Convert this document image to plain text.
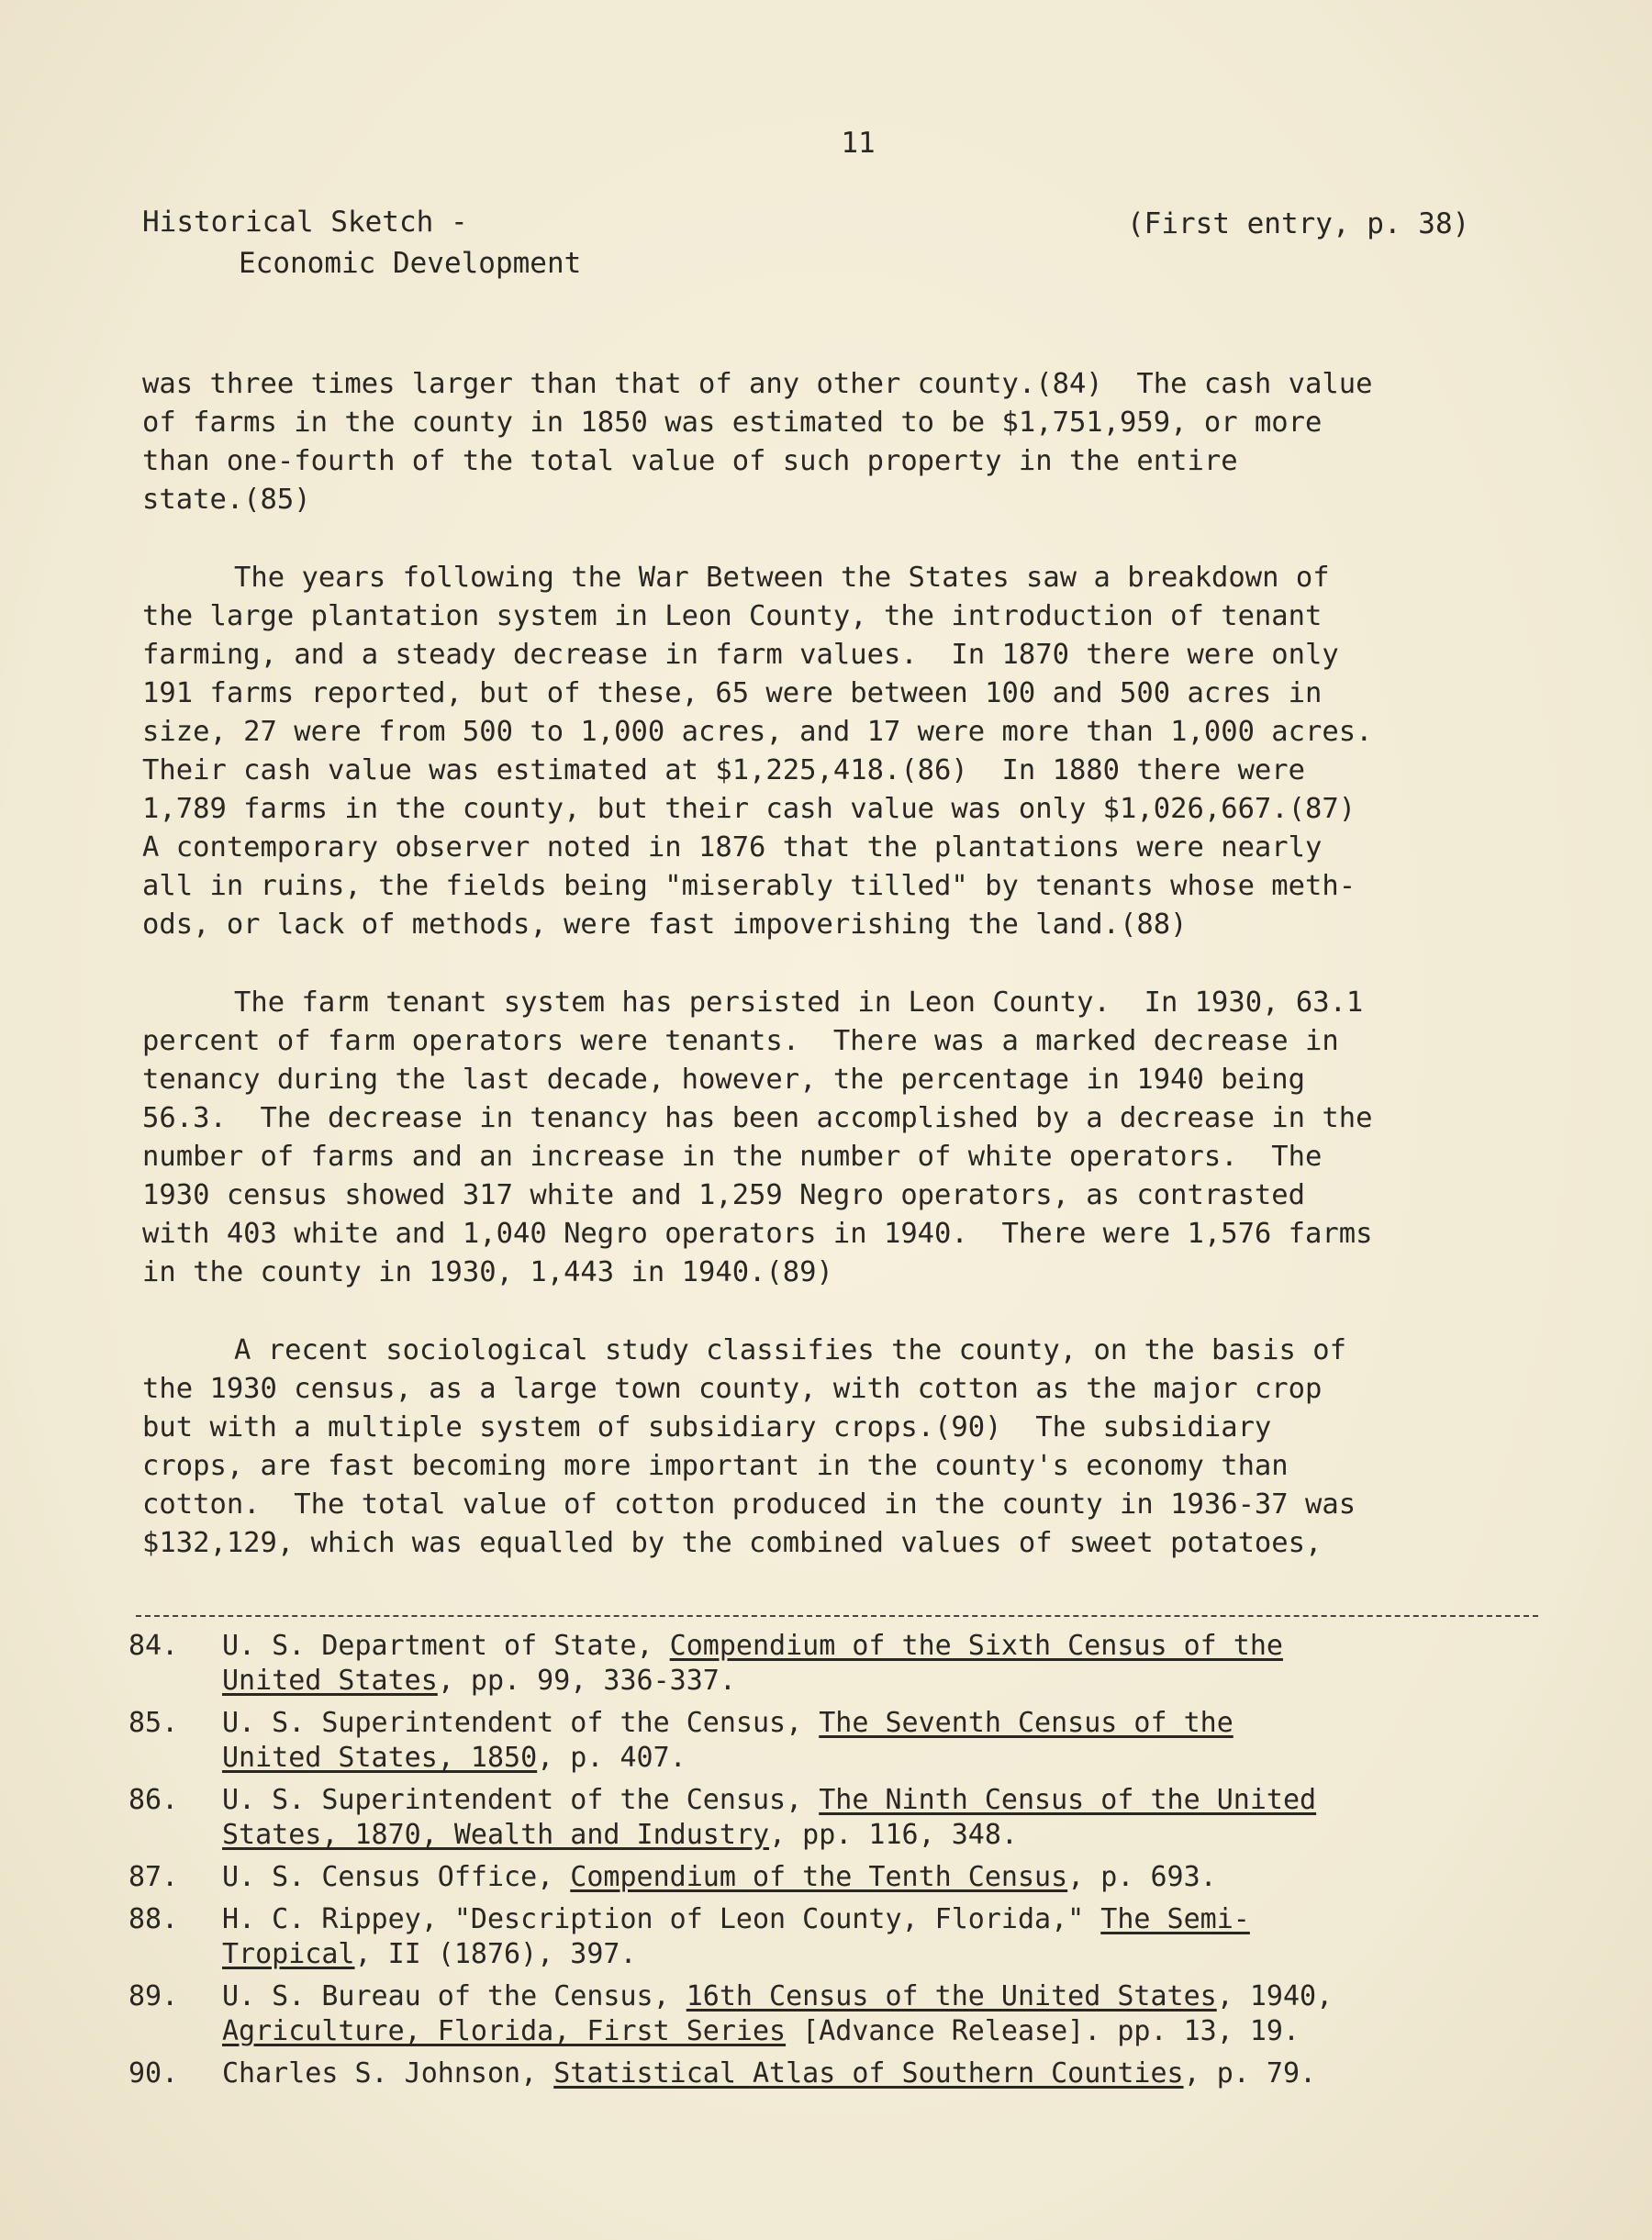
11
Historical Sketch -
Economic Development
(First entry, p. 38)
was three times larger than that of any other county.(84)  The cash value
of farms in the county in 1850 was estimated to be $1,751,959, or more
than one-fourth of the total value of such property in the entire
state.(85)
The years following the War Between the States saw a breakdown of
the large plantation system in Leon County, the introduction of tenant
farming, and a steady decrease in farm values.  In 1870 there were only
191 farms reported, but of these, 65 were between 100 and 500 acres in
size, 27 were from 500 to 1,000 acres, and 17 were more than 1,000 acres.
Their cash value was estimated at $1,225,418.(86)  In 1880 there were
1,789 farms in the county, but their cash value was only $1,026,667.(87)
A contemporary observer noted in 1876 that the plantations were nearly
all in ruins, the fields being "miserably tilled" by tenants whose meth-
ods, or lack of methods, were fast impoverishing the land.(88)
The farm tenant system has persisted in Leon County.  In 1930, 63.1
percent of farm operators were tenants.  There was a marked decrease in
tenancy during the last decade, however, the percentage in 1940 being
56.3.  The decrease in tenancy has been accomplished by a decrease in the
number of farms and an increase in the number of white operators.  The
1930 census showed 317 white and 1,259 Negro operators, as contrasted
with 403 white and 1,040 Negro operators in 1940.  There were 1,576 farms
in the county in 1930, 1,443 in 1940.(89)
A recent sociological study classifies the county, on the basis of
the 1930 census, as a large town county, with cotton as the major crop
but with a multiple system of subsidiary crops.(90)  The subsidiary
crops, are fast becoming more important in the county's economy than
cotton.  The total value of cotton produced in the county in 1936-37 was
$132,129, which was equalled by the combined values of sweet potatoes,
84.	U. S. Department of State, Compendium of the Sixth Census of the
United States, pp. 99, 336-337.
85.	U. S. Superintendent of the Census, The Seventh Census of the
United States, 1850, p. 407.
86.	U. S. Superintendent of the Census, The Ninth Census of the United
States, 1870, Wealth and Industry, pp. 116, 348.
87.	U. S. Census Office, Compendium of the Tenth Census, p. 693.
88.	H. C. Rippey, "Description of Leon County, Florida," The Semi-
Tropical, II (1876), 397.
89.	U. S. Bureau of the Census, 16th Census of the United States, 1940,
Agriculture, Florida, First Series [Advance Release]. pp. 13, 19.
90.	Charles S. Johnson, Statistical Atlas of Southern Counties, p. 79.
